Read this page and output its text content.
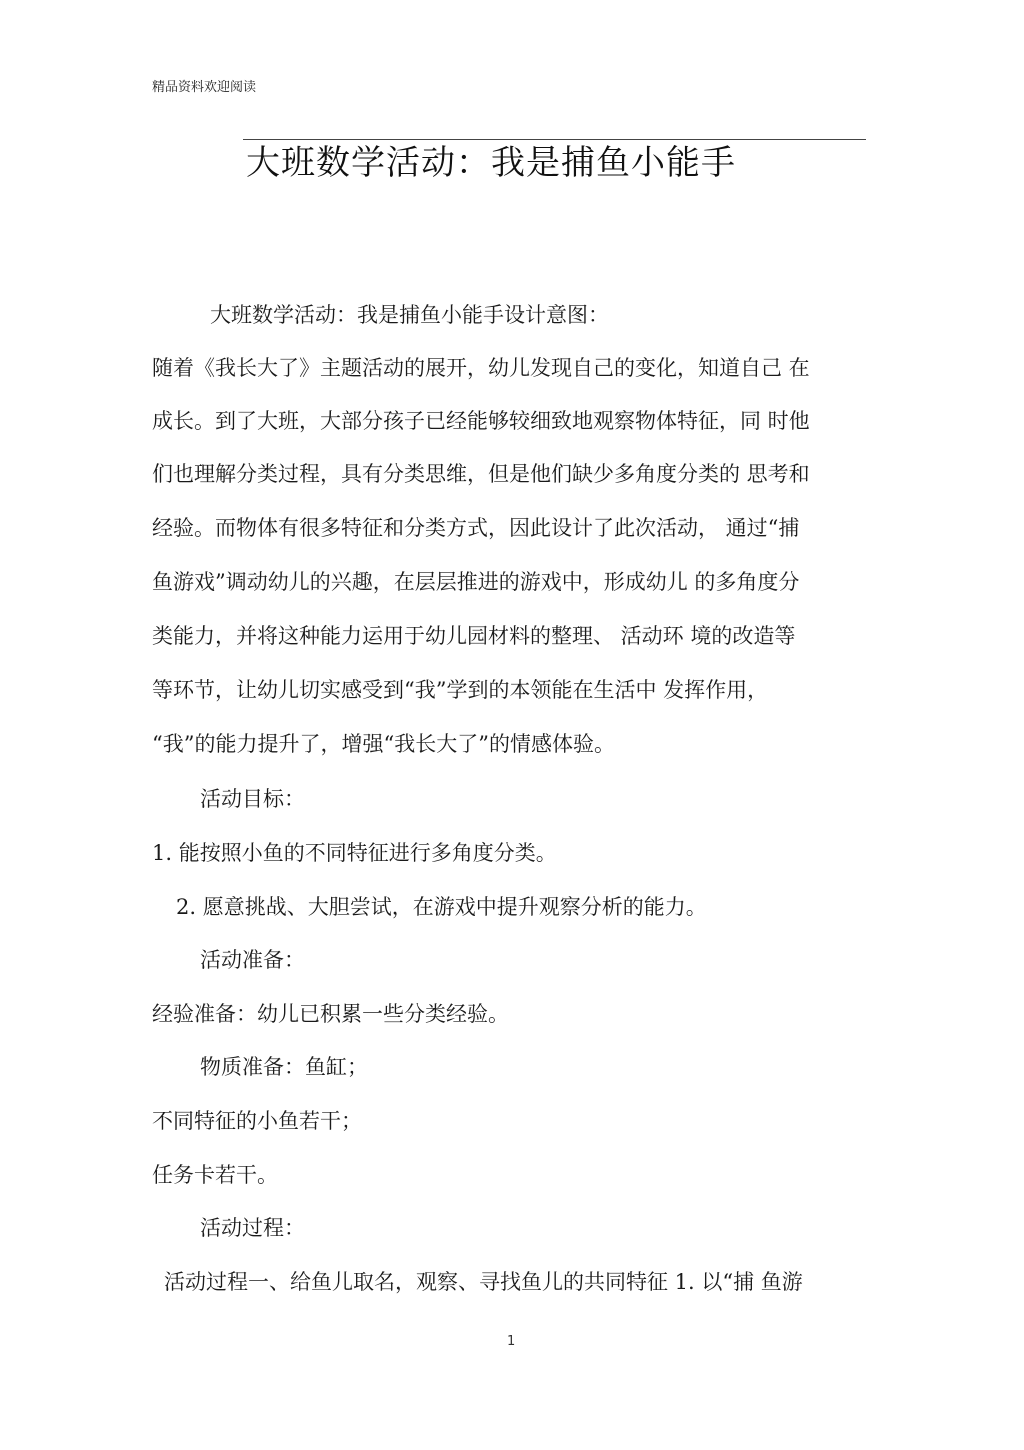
精品资料欢迎阅读
大班数学活动：我是捕鱼小能手
大班数学活动：我是捕鱼小能手设计意图：
随着《我长大了》主题活动的展开，幼儿发现自己的变化，知道自己 在
成长。到了大班，大部分孩子已经能够较细致地观察物体特征，同 时他
们也理解分类过程，具有分类思维，但是他们缺少多角度分类的 思考和
经验。而物体有很多特征和分类方式，因此设计了此次活动， 通过“捕
鱼游戏”调动幼儿的兴趣，在层层推进的游戏中，形成幼儿 的多角度分
类能力，并将这种能力运用于幼儿园材料的整理、 活动环 境的改造等
等环节，让幼儿切实感受到“我”学到的本领能在生活中 发挥作用，
“我”的能力提升了，增强“我长大了”的情感体验。
活动目标：
1. 能按照小鱼的不同特征进行多角度分类。
2. 愿意挑战、大胆尝试，在游戏中提升观察分析的能力。
活动准备：
经验准备：幼儿已积累一些分类经验。
物质准备：鱼缸；
不同特征的小鱼若干；
任务卡若干。
活动过程：
活动过程一、给鱼儿取名，观察、寻找鱼儿的共同特征 1. 以“捕 鱼游
1
